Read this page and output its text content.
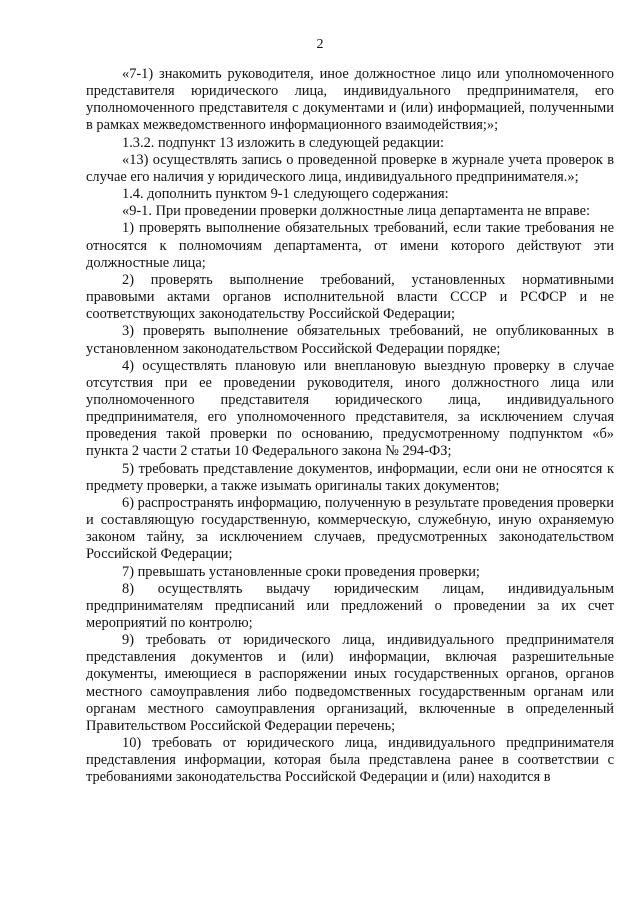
2

«7-1) знакомить руководителя, иное должностное лицо или уполномоченного представителя юридического лица, индивидуального предпринимателя, его уполномоченного представителя с документами и (или) информацией, полученными в рамках межведомственного информационного взаимодействия;»;

1.3.2. подпункт 13 изложить в следующей редакции:

«13) осуществлять запись о проведенной проверке в журнале учета проверок в случае его наличия у юридического лица, индивидуального предпринимателя.»;

1.4. дополнить пунктом 9-1 следующего содержания:

«9-1. При проведении проверки должностные лица департамента не вправе:

1) проверять выполнение обязательных требований, если такие требования не относятся к полномочиям департамента, от имени которого действуют эти должностные лица;

2) проверять выполнение требований, установленных нормативными правовыми актами органов исполнительной власти СССР и РСФСР и не соответствующих законодательству Российской Федерации;

3) проверять выполнение обязательных требований, не опубликованных в установленном законодательством Российской Федерации порядке;

4) осуществлять плановую или внеплановую выездную проверку в случае отсутствия при ее проведении руководителя, иного должностного лица или уполномоченного представителя юридического лица, индивидуального предпринимателя, его уполномоченного представителя, за исключением случая проведения такой проверки по основанию, предусмотренному подпунктом «б» пункта 2 части 2 статьи 10 Федерального закона № 294-ФЗ;

5) требовать представление документов, информации, если они не относятся к предмету проверки, а также изымать оригиналы таких документов;

6) распространять информацию, полученную в результате проведения проверки и составляющую государственную, коммерческую, служебную, иную охраняемую законом тайну, за исключением случаев, предусмотренных законодательством Российской Федерации;

7) превышать установленные сроки проведения проверки;

8) осуществлять выдачу юридическим лицам, индивидуальным предпринимателям предписаний или предложений о проведении за их счет мероприятий по контролю;

9) требовать от юридического лица, индивидуального предпринимателя представления документов и (или) информации, включая разрешительные документы, имеющиеся в распоряжении иных государственных органов, органов местного самоуправления либо подведомственных государственным органам или органам местного самоуправления организаций, включенные в определенный Правительством Российской Федерации перечень;

10) требовать от юридического лица, индивидуального предпринимателя представления информации, которая была представлена ранее в соответствии с требованиями законодательства Российской Федерации и (или) находится в
